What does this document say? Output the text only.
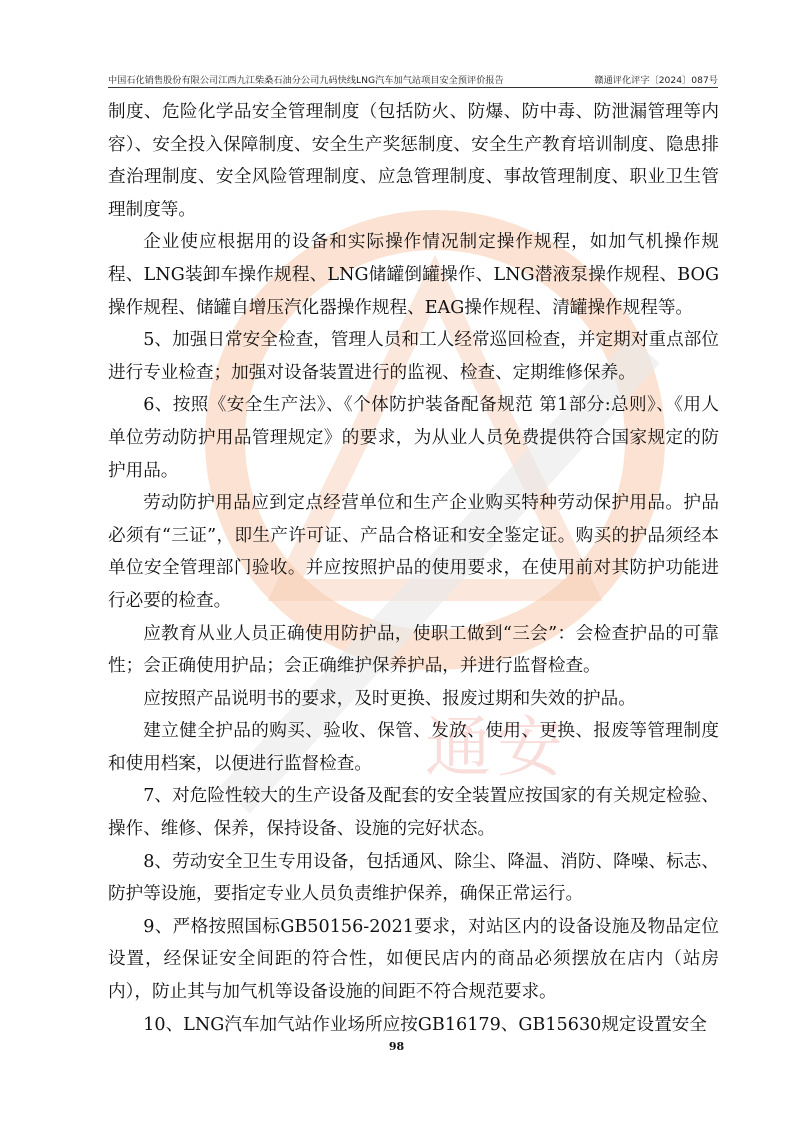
通安
中国石化销售股份有限公司江西九江柴桑石油分公司九码快线LNG汽车加气站项目安全预评价报告	赣通评化评字〔2024〕087号

制度、危险化学品安全管理制度（包括防火、防爆、防中毒、防泄漏管理等内容）、安全投入保障制度、安全生产奖惩制度、安全生产教育培训制度、隐患排查治理制度、安全风险管理制度、应急管理制度、事故管理制度、职业卫生管理制度等。

企业使应根据用的设备和实际操作情况制定操作规程，如加气机操作规程、LNG装卸车操作规程、LNG储罐倒罐操作、LNG潜液泵操作规程、BOG操作规程、储罐自增压汽化器操作规程、EAG操作规程、清罐操作规程等。

5、加强日常安全检查，管理人员和工人经常巡回检查，并定期对重点部位进行专业检查；加强对设备装置进行的监视、检查、定期维修保养。

6、按照《安全生产法》、《个体防护装备配备规范 第1部分:总则》、《用人单位劳动防护用品管理规定》的要求，为从业人员免费提供符合国家规定的防护用品。

劳动防护用品应到定点经营单位和生产企业购买特种劳动保护用品。护品必须有“三证”，即生产许可证、产品合格证和安全鉴定证。购买的护品须经本单位安全管理部门验收。并应按照护品的使用要求，在使用前对其防护功能进行必要的检查。

应教育从业人员正确使用防护品，使职工做到“三会”：会检查护品的可靠性；会正确使用护品；会正确维护保养护品，并进行监督检查。

应按照产品说明书的要求，及时更换、报废过期和失效的护品。

建立健全护品的购买、验收、保管、发放、使用、更换、报废等管理制度和使用档案，以便进行监督检查。

7、对危险性较大的生产设备及配套的安全装置应按国家的有关规定检验、操作、维修、保养，保持设备、设施的完好状态。

8、劳动安全卫生专用设备，包括通风、除尘、降温、消防、降噪、标志、防护等设施，要指定专业人员负责维护保养，确保正常运行。

9、严格按照国标GB50156-2021要求，对站区内的设备设施及物品定位设置，经保证安全间距的符合性，如便民店内的商品必须摆放在店内（站房内），防止其与加气机等设备设施的间距不符合规范要求。

10、LNG汽车加气站作业场所应按GB16179、GB15630规定设置安全

98
